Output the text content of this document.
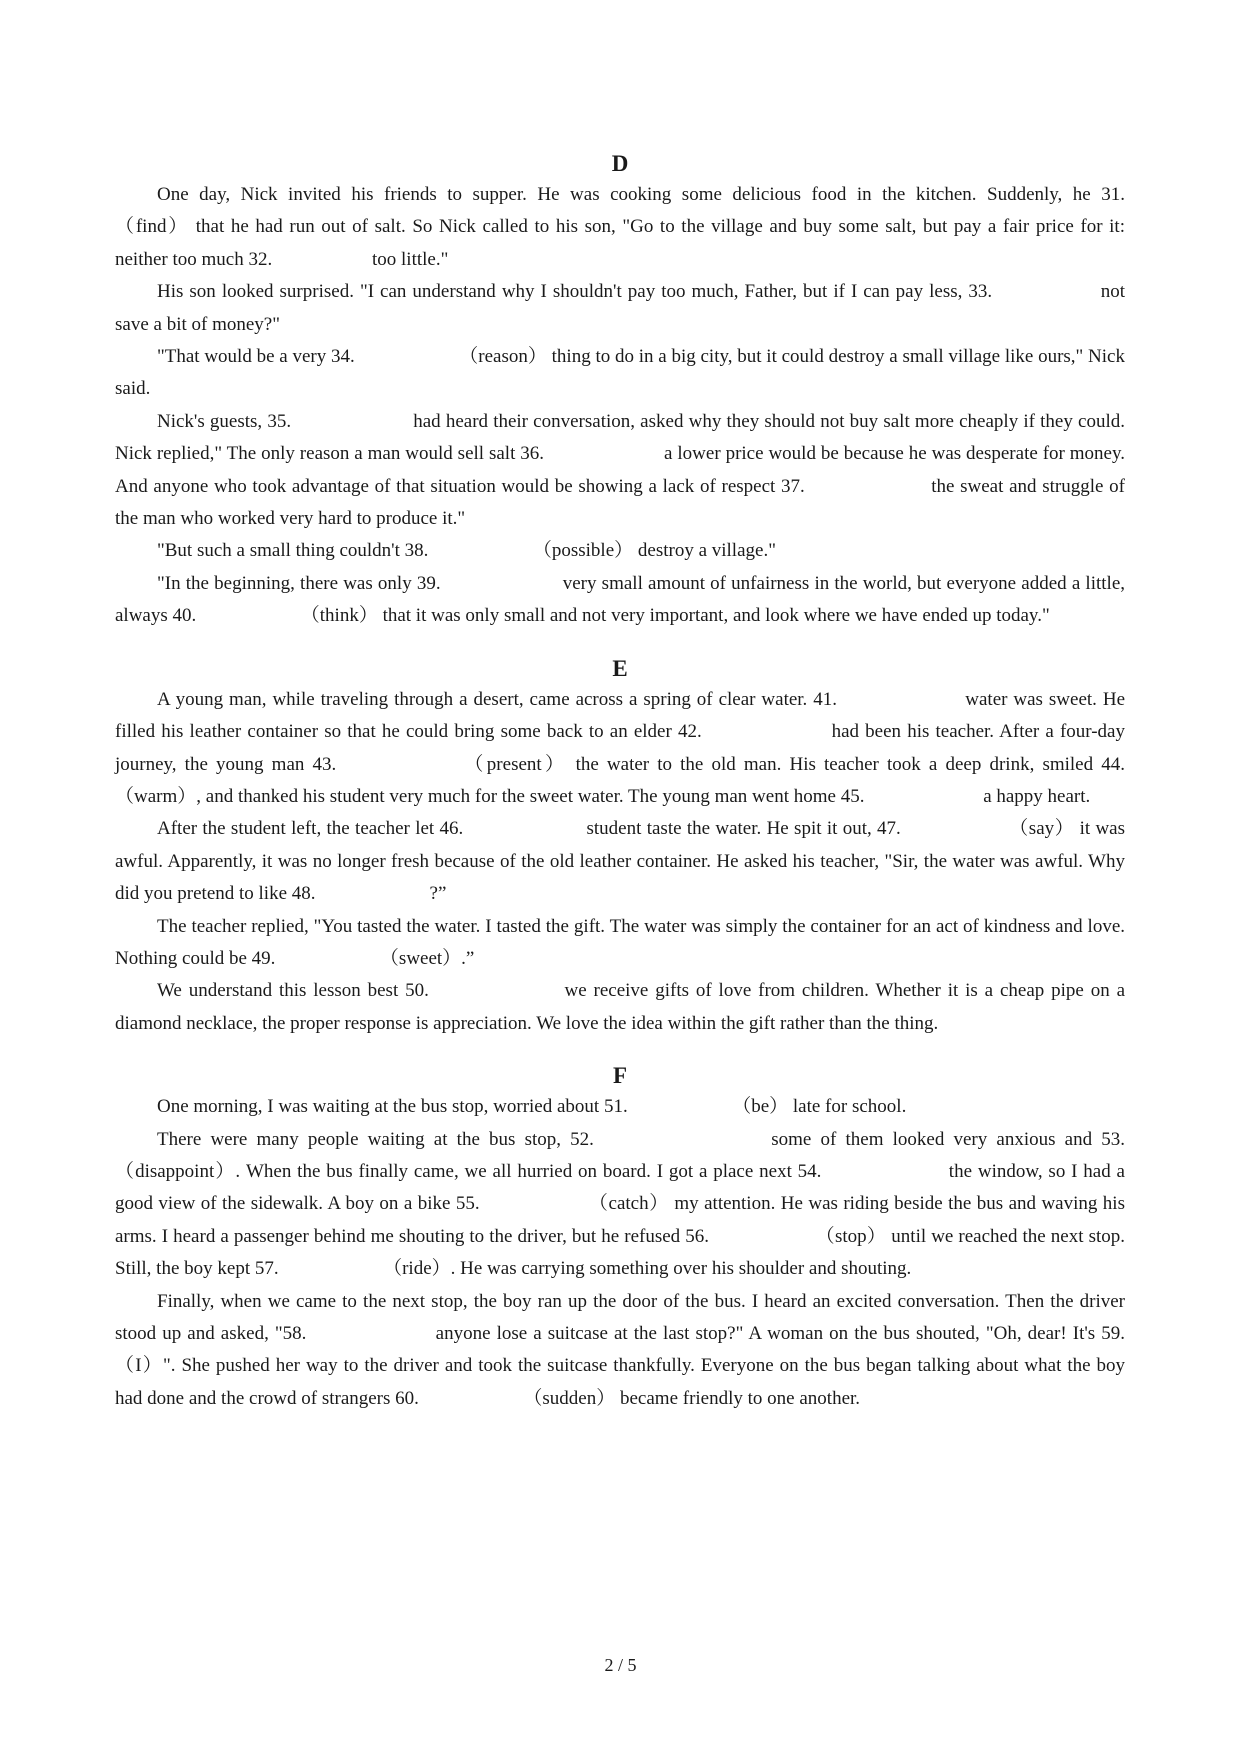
D

One day, Nick invited his friends to supper. He was cooking some delicious food in the kitchen. Suddenly, he 31.　　　　　（find） that he had run out of salt. So Nick called to his son, "Go to the village and buy some salt, but pay a fair price for it: neither too much 32.　　　　　 too little."

His son looked surprised. "I can understand why I shouldn't pay too much, Father, but if I can pay less, 33.　　　　　 not save a bit of money?"

"That would be a very 34.　　　　　　（reason） thing to do in a big city, but it could destroy a small village like ours," Nick said.

Nick's guests, 35.　　　　　　 had heard their conversation, asked why they should not buy salt more cheaply if they could. Nick replied," The only reason a man would sell salt 36.　　　　　　 a lower price would be because he was desperate for money. And anyone who took advantage of that situation would be showing a lack of respect 37.　　　　　　 the sweat and struggle of the man who worked very hard to produce it."

"But such a small thing couldn't 38.　　　　　　（possible） destroy a village."

"In the beginning, there was only 39.　　　　　　 very small amount of unfairness in the world, but everyone added a little, always 40.　　　　　　（think） that it was only small and not very important, and look where we have ended up today."

E

A young man, while traveling through a desert, came across a spring of clear water. 41.　　　　　　 water was sweet. He filled his leather container so that he could bring some back to an elder 42.　　　　　　 had been his teacher. After a four-day journey, the young man 43.　　　　　　（present） the water to the old man. His teacher took a deep drink, smiled 44.　　　　　　（warm）, and thanked his student very much for the sweet water. The young man went home 45.　　　　　　 a happy heart.

After the student left, the teacher let 46.　　　　　　 student taste the water. He spit it out, 47.　　　　　　（say） it was awful. Apparently, it was no longer fresh because of the old leather container. He asked his teacher, "Sir, the water was awful. Why did you pretend to like 48.　　　　　　?”

The teacher replied, "You tasted the water. I tasted the gift. The water was simply the container for an act of kindness and love. Nothing could be 49.　　　　　　（sweet）.”

We understand this lesson best 50.　　　　　　 we receive gifts of love from children. Whether it is a cheap pipe on a diamond necklace, the proper response is appreciation. We love the idea within the gift rather than the thing.

F

One morning, I was waiting at the bus stop, worried about 51.　　　　　　（be） late for school.

There were many people waiting at the bus stop, 52.　　　　　　　 some of them looked very anxious and 53.　　　　　（disappoint）. When the bus finally came, we all hurried on board. I got a place next 54.　　　　　　 the window, so I had a good view of the sidewalk. A boy on a bike 55.　　　　　　（catch） my attention. He was riding beside the bus and waving his arms. I heard a passenger behind me shouting to the driver, but he refused 56.　　　　　　（stop） until we reached the next stop. Still, the boy kept 57.　　　　　　（ride）. He was carrying something over his shoulder and shouting.

Finally, when we came to the next stop, the boy ran up the door of the bus. I heard an excited conversation. Then the driver stood up and asked, "58.　　　　　　 anyone lose a suitcase at the last stop?" A woman on the bus shouted, "Oh, dear! It's 59.　　　　　　（I）". She pushed her way to the driver and took the suitcase thankfully. Everyone on the bus began talking about what the boy had done and the crowd of strangers 60.　　　　　　（sudden） became friendly to one another.

2 / 5
